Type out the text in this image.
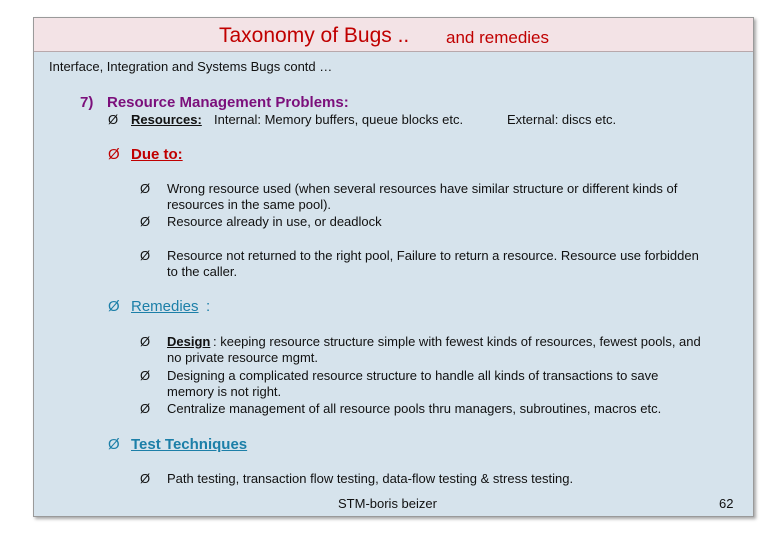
Taxonomy of Bugs .. and remedies
Interface, Integration and Systems Bugs contd …
7) Resource Management Problems:
Ø Resources: Internal: Memory buffers, queue blocks etc.	External: discs etc.
Ø Due to:
Ø Wrong resource used (when several resources have similar structure or different kinds of
resources in the same pool).
Ø Resource already in use, or deadlock
Ø Resource not returned to the right pool, Failure to return a resource. Resource use forbidden
to the caller.
Ø Remedies :
Ø Design : keeping resource structure simple with fewest kinds of resources, fewest pools, and
no private resource mgmt.
Ø Designing a complicated resource structure to handle all kinds of transactions to save
memory is not right.
Ø Centralize management of all resource pools thru managers, subroutines, macros etc.
Ø Test Techniques
Ø Path testing, transaction flow testing, data-flow testing & stress testing.
STM-boris beizer	62
